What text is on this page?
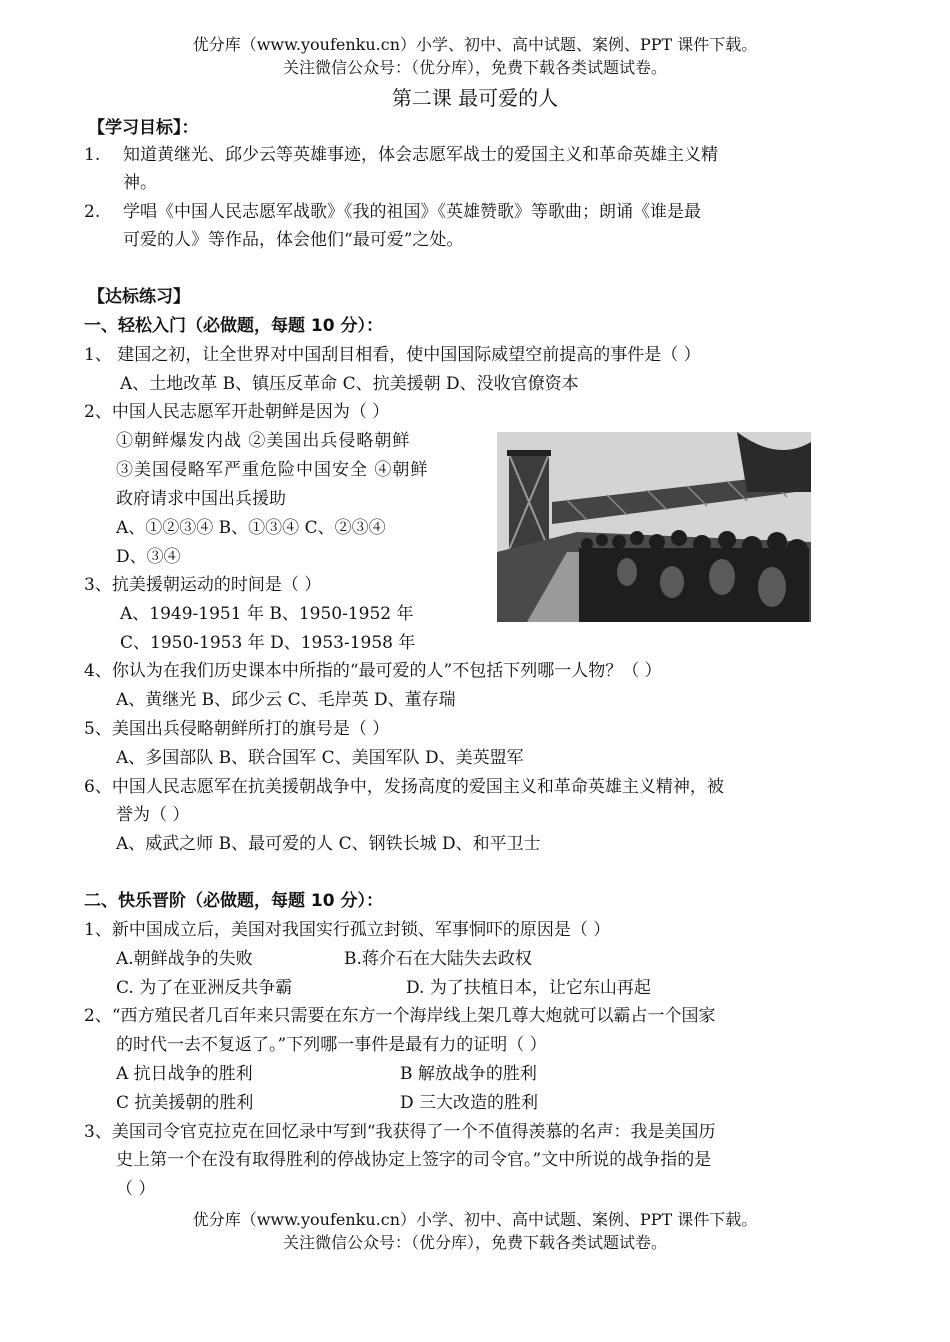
优分库（www.youfenku.cn）小学、初中、高中试题、案例、PPT 课件下载。
关注微信公众号：（优分库），免费下载各类试题试卷。
第二课 最可爱的人
【学习目标】：
1. 知道黄继光、邱少云等英雄事迹，体会志愿军战士的爱国主义和革命英雄主义精
神。
2. 学唱《中国人民志愿军战歌》《我的祖国》《英雄赞歌》等歌曲；朗诵《谁是最
可爱的人》等作品，体会他们“最可爱”之处。
【达标练习】
一、轻松入门（必做题，每题 10 分）：
1、 建国之初，让全世界对中国刮目相看，使中国国际威望空前提高的事件是（ ）
A、土地改革 B、镇压反革命 C、抗美援朝 D、没收官僚资本
2、中国人民志愿军开赴朝鲜是因为（ ）
①朝鲜爆发内战 ②美国出兵侵略朝鲜
③美国侵略军严重危险中国安全 ④朝鲜
政府请求中国出兵援助
A、①②③④ B、①③④ C、②③④
D、③④
3、抗美援朝运动的时间是（ ）
A、1949-1951 年 B、1950-1952 年
C、1950-1953 年 D、1953-1958 年
4、你认为在我们历史课本中所指的“最可爱的人”不包括下列哪一人物？（ ）
A、黄继光 B、邱少云 C、毛岸英 D、董存瑞
5、美国出兵侵略朝鲜所打的旗号是（ ）
A、多国部队 B、联合国军 C、美国军队 D、美英盟军
6、中国人民志愿军在抗美援朝战争中，发扬高度的爱国主义和革命英雄主义精神，被
誉为（ ）
A、威武之师 B、最可爱的人 C、钢铁长城 D、和平卫士
二、快乐晋阶（必做题，每题 10 分）：
1、新中国成立后，美国对我国实行孤立封锁、军事恫吓的原因是（ ）
A.朝鲜战争的失败	B.蒋介石在大陆失去政权
C. 为了在亚洲反共争霸	D. 为了扶植日本，让它东山再起
2、“西方殖民者几百年来只需要在东方一个海岸线上架几尊大炮就可以霸占一个国家
的时代一去不复返了。”下列哪一事件是最有力的证明（ ）
A 抗日战争的胜利	B 解放战争的胜利
C 抗美援朝的胜利	D 三大改造的胜利
3、美国司令官克拉克在回忆录中写到“我获得了一个不值得羡慕的名声：我是美国历
史上第一个在没有取得胜利的停战协定上签字的司令官。”文中所说的战争指的是
（ ）
优分库（www.youfenku.cn）小学、初中、高中试题、案例、PPT 课件下载。
关注微信公众号：（优分库），免费下载各类试题试卷。
